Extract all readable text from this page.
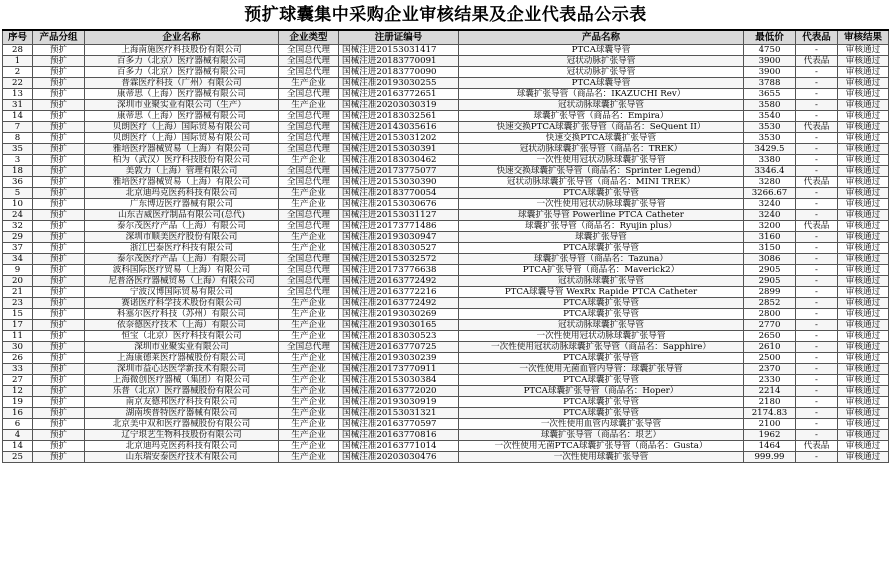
预扩球囊集中采购企业审核结果及企业代表品公示表
序号	产品分组	企业名称	企业类型	注册证编号	产品名称	最低价	代表品	审核结果
28	预扩	上海南施医疗科技股份有限公司	全国总代理	国械注进20153031417	PTCA球囊导管	4750	-	审核通过
1	预扩	百多力（北京）医疗器械有限公司	全国总代理	国械注进20183770091	冠状动脉扩张导管	3900	代表品	审核通过
2	预扩	百多力（北京）医疗器械有限公司	全国总代理	国械注进20183770090	冠状动脉扩张导管	3900	-	审核通过
22	预扩	普霖医疗科技（广州）有限公司	生产企业	国械注准20193030255	PTCA球囊导管	3788	-	审核通过
13	预扩	康蒂思（上海）医疗器械有限公司	全国总代理	国械注进20163772651	球囊扩张导管（商品名：IKAZUCHI Rev）	3655	-	审核通过
31	预扩	深圳市业聚实业有限公司（生产）	生产企业	国械注准20203030319	冠状动脉球囊扩张导管	3580	-	审核通过
14	预扩	康蒂思（上海）医疗器械有限公司	全国总代理	国械注进20183032561	球囊扩张导管（商品名：Empira）	3540	-	审核通过
7	预扩	贝朗医疗（上海）国际贸易有限公司	全国总代理	国械注进20143035616	快速交换PTCA球囊扩张导管（商品名：SeQuent II）	3530	代表品	审核通过
8	预扩	贝朗医疗（上海）国际贸易有限公司	全国总代理	国械注进20153031202	快速交换PTCA球囊扩张导管	3530	-	审核通过
35	预扩	雅培医疗器械贸易（上海）有限公司	全国总代理	国械注进20153030391	冠状动脉球囊扩张导管（商品名：TREK）	3429.5	-	审核通过
3	预扩	柏为（武汉）医疗科技股份有限公司	生产企业	国械注准20183030462	一次性使用冠状动脉球囊扩张导管	3380	-	审核通过
18	预扩	美敦力（上海）管理有限公司	全国总代理	国械注进20173775077	快速交换球囊扩张导管（商品名：Sprinter Legend）	3346.4	-	审核通过
36	预扩	雅培医疗器械贸易（上海）有限公司	全国总代理	国械注进20153030390	冠状动脉球囊扩张导管（商品名：MINI TREK）	3280	代表品	审核通过
5	预扩	北京迪玛克医药科技有限公司	生产企业	国械注准20183770054	PTCA球囊扩张导管	3266.67	-	审核通过
10	预扩	广东博迈医疗器械有限公司	生产企业	国械注准20153030676	一次性使用冠状动脉球囊扩张导管	3240	-	审核通过
24	预扩	山东吉威医疗制品有限公司(总代)	全国总代理	国械注进20153031127	球囊扩张导管 Powerline PTCA Catheter	3240	-	审核通过
32	预扩	泰尔茂医疗产品（上海）有限公司	全国总代理	国械注进20173771486	球囊扩张导管（商品名：Ryujin plus）	3200	代表品	审核通过
29	预扩	深圳市顺美医疗股份有限公司	生产企业	国械注准20193030947	球囊扩张导管	3160	-	审核通过
37	预扩	浙江巴泰医疗科技有限公司	生产企业	国械注准20183030527	PTCA球囊扩张导管	3150	-	审核通过
34	预扩	泰尔茂医疗产品（上海）有限公司	全国总代理	国械注进20153032572	球囊扩张导管（商品名：Tazuna）	3086	-	审核通过
9	预扩	波科国际医疗贸易（上海）有限公司	全国总代理	国械注进20173776638	PTCA扩张导管（商品名：Maverick2）	2905	-	审核通过
20	预扩	尼普洛医疗器械贸易（上海）有限公司	全国总代理	国械注进20163772492	冠状动脉球囊扩张导管	2905	-	审核通过
21	预扩	宁波汉博国际贸易有限公司	全国总代理	国械注进20163772216	PTCA球囊导管 WexRx Rapide PTCA Catheter	2899	-	审核通过
23	预扩	赛诺医疗科学技术股份有限公司	生产企业	国械注准20163772492	PTCA球囊扩张导管	2852	-	审核通过
15	预扩	科塞尔医疗科技（苏州）有限公司	生产企业	国械注准20193030269	PTCA球囊扩张导管	2800	-	审核通过
17	预扩	依奈德医疗技术（上海）有限公司	生产企业	国械注准20193030165	冠状动脉球囊扩张导管	2770	-	审核通过
11	预扩	恒宝（北京）医疗科技有限公司	生产企业	国械注准20183030523	一次性使用冠状动脉球囊扩张导管	2650	-	审核通过
30	预扩	深圳市业聚实业有限公司	全国总代理	国械注进20163770725	一次性使用冠状动脉球囊扩张导管（商品名：Sapphire）	2610	-	审核通过
26	预扩	上海康德莱医疗器械股份有限公司	生产企业	国械注准20193030239	PTCA球囊扩张导管	2500	-	审核通过
33	预扩	深圳市益心达医学新技术有限公司	生产企业	国械注准20173770911	一次性使用无菌血管内导管：球囊扩张导管	2370	-	审核通过
27	预扩	上海微创医疗器械（集团）有限公司	生产企业	国械注准20153030384	PTCA球囊扩张导管	2330	-	审核通过
12	预扩	乐普（北京）医疗器械股份有限公司	生产企业	国械注准20163772020	PTCA球囊扩张导管（商品名：Hoper）	2214	-	审核通过
19	预扩	南京友德邦医疗科技有限公司	生产企业	国械注准20193030919	PTCA球囊扩张导管	2180	-	审核通过
16	预扩	湖南埃普特医疗器械有限公司	生产企业	国械注准20153031321	PTCA球囊扩张导管	2174.83	-	审核通过
6	预扩	北京美中双和医疗器械股份有限公司	生产企业	国械注准20163770597	一次性使用血管内球囊扩张导管	2100	-	审核通过
4	预扩	辽宁垠艺生物科技股份有限公司	生产企业	国械注准20163770816	球囊扩张导管（商品名：垠艺）	1962	-	审核通过
14	预扩	北京迪玛克医药科技有限公司	生产企业	国械注准20163771014	一次性使用无菌PTCA球囊扩张导管（商品名：Gusta）	1464	代表品	审核通过
25	预扩	山东瑞安泰医疗技术有限公司	生产企业	国械注准20203030476	一次性使用球囊扩张导管	999.99	-	审核通过
